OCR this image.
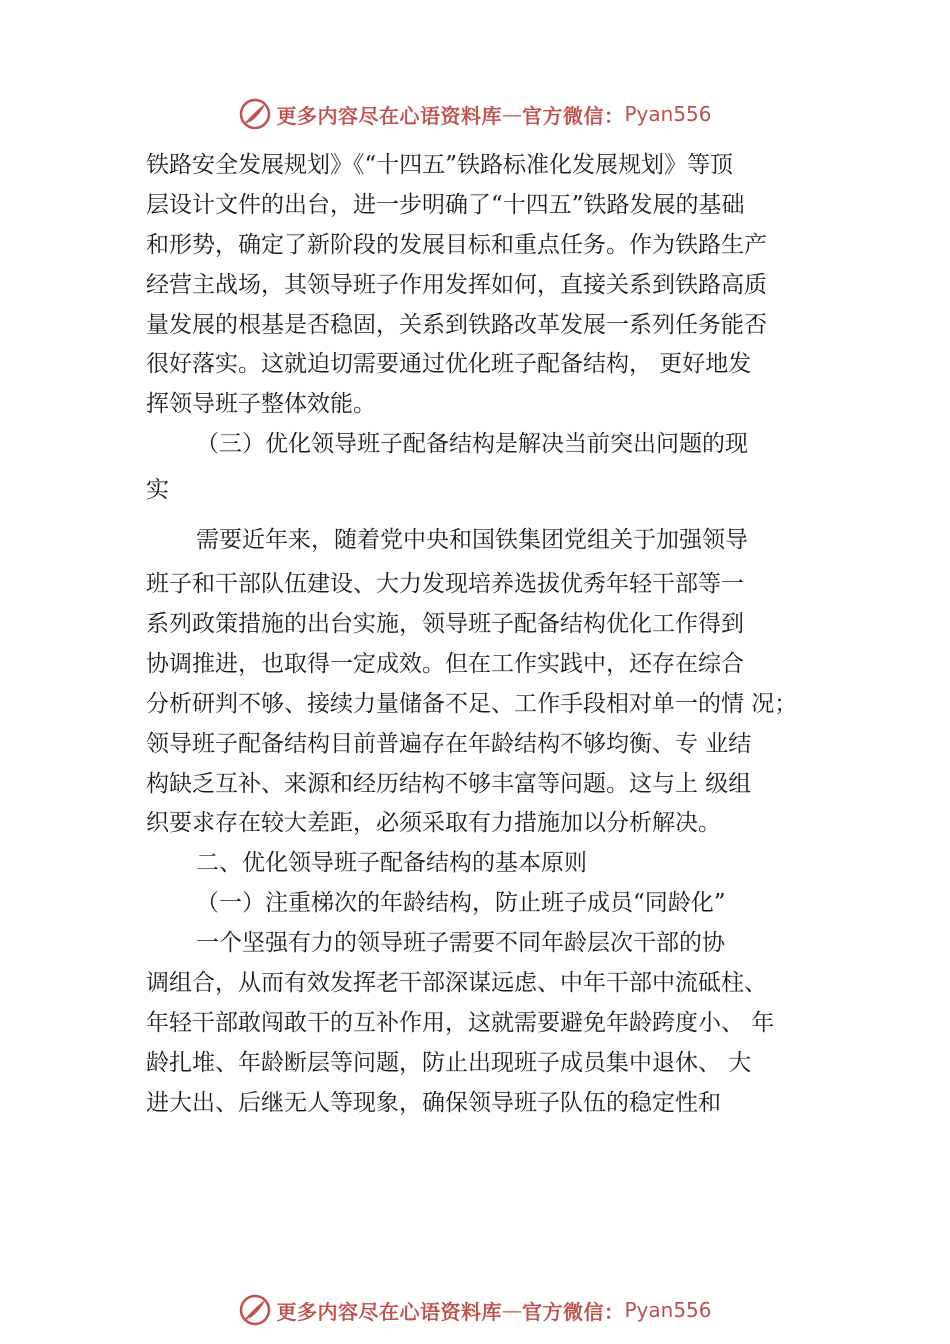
更多内容尽在心语资料库 — 官方微信： Pyan556
铁路安全发展规划》《“十四五”铁路标准化发展规划》等顶
层设计文件的出台，进一步明确了“十四五”铁路发展的基础
和形势，确定了新阶段的发展目标和重点任务。作为铁路生产
经营主战场，其领导班子作用发挥如何，直接关系到铁路高质
量发展的根基是否稳固，关系到铁路改革发展一系列任务能否
很好落实。这就迫切需要通过优化班子配备结构， 更好地发
挥领导班子整体效能。
（三）优化领导班子配备结构是解决当前突出问题的现
实
需要近年来，随着党中央和国铁集团党组关于加强领导
班子和干部队伍建设、大力发现培养选拔优秀年轻干部等一
系列政策措施的出台实施，领导班子配备结构优化工作得到
协调推进，也取得一定成效。但在工作实践中，还存在综合
分析研判不够、接续力量储备不足、工作手段相对单一的情 况；
领导班子配备结构目前普遍存在年龄结构不够均衡、专 业结
构缺乏互补、来源和经历结构不够丰富等问题。这与上 级组
织要求存在较大差距，必须采取有力措施加以分析解决。
二、优化领导班子配备结构的基本原则
（一）注重梯次的年龄结构，防止班子成员“同龄化”
一个坚强有力的领导班子需要不同年龄层次干部的协
调组合，从而有效发挥老干部深谋远虑、中年干部中流砥柱、
年轻干部敢闯敢干的互补作用，这就需要避免年龄跨度小、 年
龄扎堆、年龄断层等问题，防止出现班子成员集中退休、 大
进大出、后继无人等现象，确保领导班子队伍的稳定性和
更多内容尽在心语资料库 — 官方微信： Pyan556
